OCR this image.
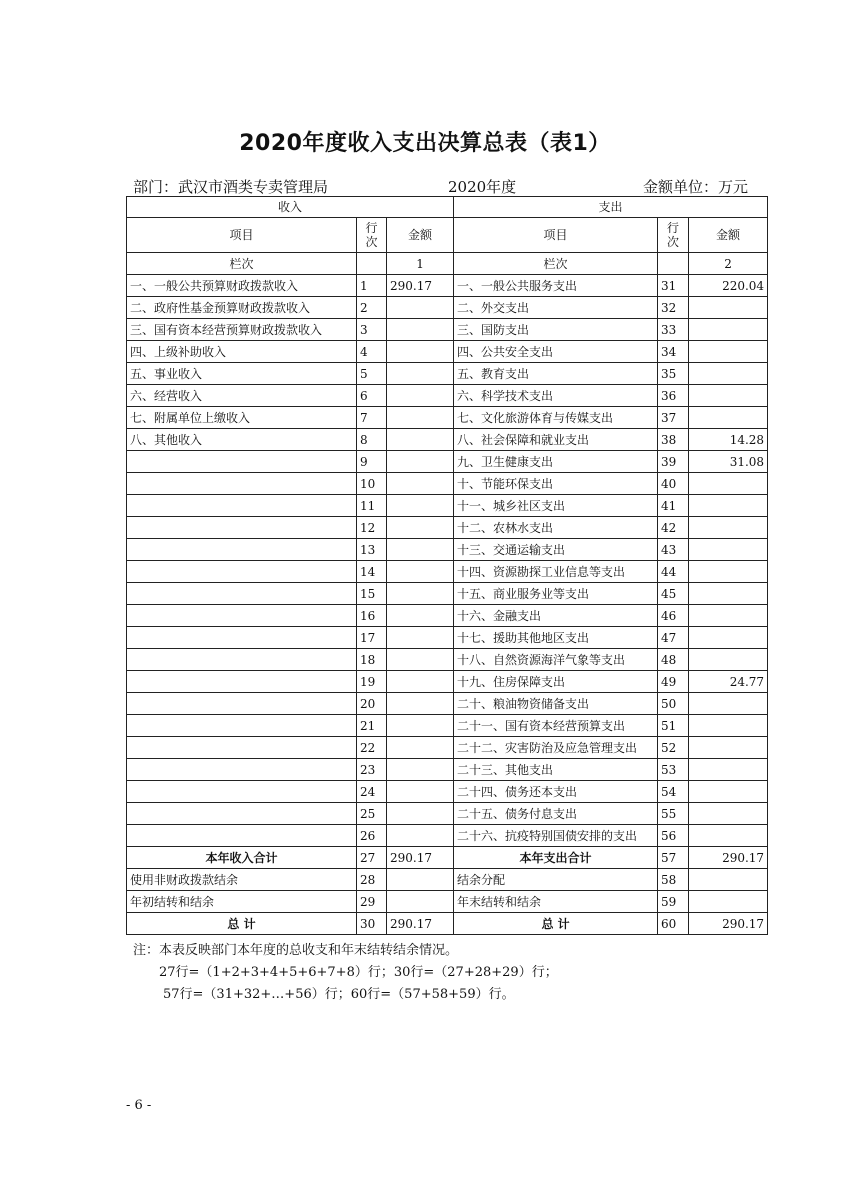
2020年度收入支出决算总表（表1）
部门：武汉市酒类专卖管理局	2020年度	金额单位：万元
收入			支出		
项目	行次	金额	项目	行次	金额
栏次		1	栏次		2
一、一般公共预算财政拨款收入	1	290.17	一、一般公共服务支出	31	220.04
二、政府性基金预算财政拨款收入	2		二、外交支出	32	
三、国有资本经营预算财政拨款收入	3		三、国防支出	33	
四、上级补助收入	4		四、公共安全支出	34	
五、事业收入	5		五、教育支出	35	
六、经营收入	6		六、科学技术支出	36	
七、附属单位上缴收入	7		七、文化旅游体育与传媒支出	37	
八、其他收入	8		八、社会保障和就业支出	38	14.28
	9		九、卫生健康支出	39	31.08
	10		十、节能环保支出	40	
	11		十一、城乡社区支出	41	
	12		十二、农林水支出	42	
	13		十三、交通运输支出	43	
	14		十四、资源勘探工业信息等支出	44	
	15		十五、商业服务业等支出	45	
	16		十六、金融支出	46	
	17		十七、援助其他地区支出	47	
	18		十八、自然资源海洋气象等支出	48	
	19		十九、住房保障支出	49	24.77
	20		二十、粮油物资储备支出	50	
	21		二十一、国有资本经营预算支出	51	
	22		二十二、灾害防治及应急管理支出	52	
	23		二十三、其他支出	53	
	24		二十四、债务还本支出	54	
	25		二十五、债务付息支出	55	
	26		二十六、抗疫特别国债安排的支出	56	
本年收入合计	27	290.17	本年支出合计	57	290.17
使用非财政拨款结余	28		结余分配	58	
年初结转和结余	29		年末结转和结余	59	
总 计	30	290.17	总 计	60	290.17
注：本表反映部门本年度的总收支和年末结转结余情况。
27行=（1+2+3+4+5+6+7+8）行；30行=（27+28+29）行；
57行=（31+32+…+56）行；60行=（57+58+59）行。
- 6 -
